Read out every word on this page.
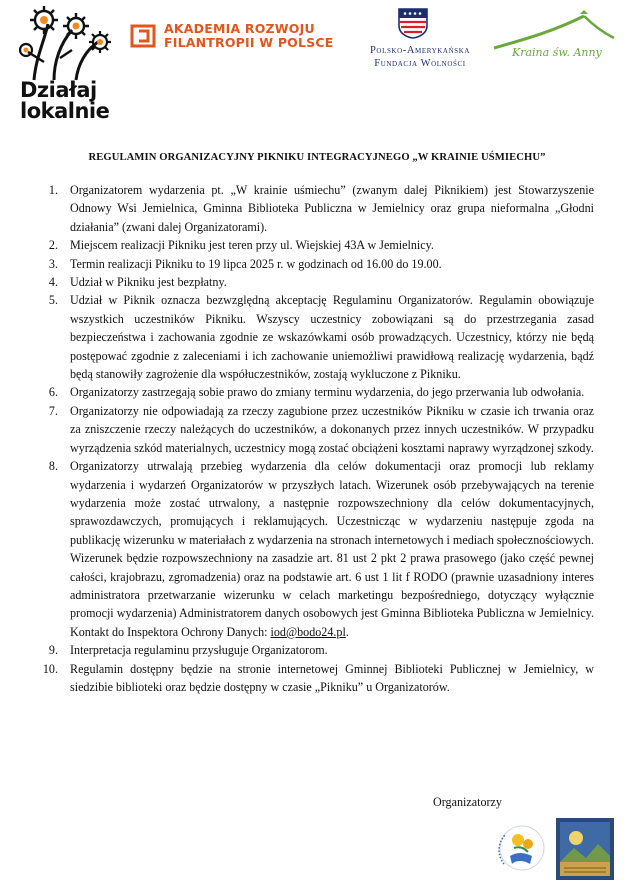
Działaj
lokalnie
AKADEMIA ROZWOJU
FILANTROPII W POLSCE
Polsko-Amerykańska
Fundacja Wolności
Kraina św. Anny
REGULAMIN ORGANIZACYJNY PIKNIKU INTEGRACYJNEGO „W KRAINIE UŚMIECHU”
1. Organizatorem wydarzenia pt. „W krainie uśmiechu” (zwanym dalej Piknikiem) jest Stowarzyszenie Odnowy Wsi Jemielnica, Gminna Biblioteka Publiczna w Jemielnicy oraz grupa nieformalna „Głodni działania” (zwani dalej Organizatorami).
2. Miejscem realizacji Pikniku jest teren przy ul. Wiejskiej 43A w Jemielnicy.
3. Termin realizacji Pikniku to 19 lipca 2025 r. w godzinach od 16.00 do 19.00.
4. Udział w Pikniku jest bezpłatny.
5. Udział w Piknik oznacza bezwzględną akceptację Regulaminu Organizatorów. Regulamin obowiązuje wszystkich uczestników Pikniku. Wszyscy uczestnicy zobowiązani są do przestrzegania zasad bezpieczeństwa i zachowania zgodnie ze wskazówkami osób prowadzących. Uczestnicy, którzy nie będą postępować zgodnie z zaleceniami i ich zachowanie uniemożliwi prawidłową realizację wydarzenia, bądź będą stanowiły zagrożenie dla współuczestników, zostają wykluczone z Pikniku.
6. Organizatorzy zastrzegają sobie prawo do zmiany terminu wydarzenia, do jego przerwania lub odwołania.
7. Organizatorzy nie odpowiadają za rzeczy zagubione przez uczestników Pikniku w czasie ich trwania oraz za zniszczenie rzeczy należących do uczestników, a dokonanych przez innych uczestników. W przypadku wyrządzenia szkód materialnych, uczestnicy mogą zostać obciążeni kosztami naprawy wyrządzonej szkody.
8. Organizatorzy utrwalają przebieg wydarzenia dla celów dokumentacji oraz promocji lub reklamy wydarzenia i wydarzeń Organizatorów w przyszłych latach. Wizerunek osób przebywających na terenie wydarzenia może zostać utrwalony, a następnie rozpowszechniony dla celów dokumentacyjnych, sprawozdawczych, promujących i reklamujących. Uczestnicząc w wydarzeniu następuje zgoda na publikację wizerunku w materiałach z wydarzenia na stronach internetowych i mediach społecznościowych. Wizerunek będzie rozpowszechniony na zasadzie art. 81 ust 2 pkt 2 prawa prasowego (jako część pewnej całości, krajobrazu, zgromadzenia) oraz na podstawie art. 6 ust 1 lit f RODO (prawnie uzasadniony interes administratora przetwarzanie wizerunku w celach marketingu bezpośredniego, dotyczący wyłącznie promocji wydarzenia) Administratorem danych osobowych jest Gminna Biblioteka Publiczna w Jemielnicy. Kontakt do Inspektora Ochrony Danych: iod@bodo24.pl.
9. Interpretacja regulaminu przysługuje Organizatorom.
10. Regulamin dostępny będzie na stronie internetowej Gminnej Biblioteki Publicznej w Jemielnicy, w siedzibie biblioteki oraz będzie dostępny w czasie „Pikniku” u Organizatorów.
Organizatorzy
